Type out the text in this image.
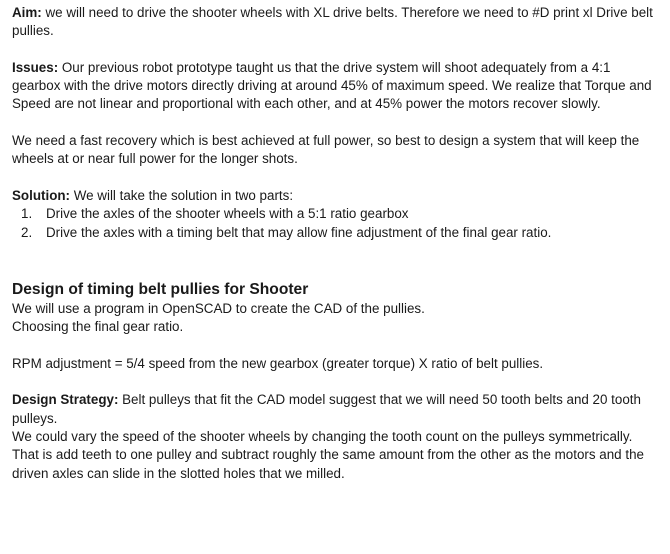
Aim: we will need to drive the shooter wheels with XL drive belts. Therefore we need to #D print xl Drive belt pullies.

Issues: Our previous robot prototype taught us that the drive system will shoot adequately from a 4:1 gearbox with the drive motors directly driving at around 45% of maximum speed. We realize that Torque and Speed are not linear and proportional with each other, and at 45% power the motors recover slowly.

We need a fast recovery which is best achieved at full power, so best to design a system that will keep the wheels at or near full power for the longer shots.

Solution: We will take the solution in two parts:

1. Drive the axles of the shooter wheels with a 5:1 ratio gearbox
2. Drive the axles with a timing belt that may allow fine adjustment of the final gear ratio.
Design of timing belt pullies for Shooter

We will use a program in OpenSCAD to create the CAD of the pullies.

Choosing the final gear ratio.

RPM adjustment = 5/4 speed from the new gearbox (greater torque) X ratio of belt pullies.

Design Strategy: Belt pulleys that fit the CAD model suggest that we will need 50 tooth belts and 20 tooth pulleys.

We could vary the speed of the shooter wheels by changing the tooth count on the pulleys symmetrically. That is add teeth to one pulley and subtract roughly the same amount from the other as the motors and the driven axles can slide in the slotted holes that we milled.
